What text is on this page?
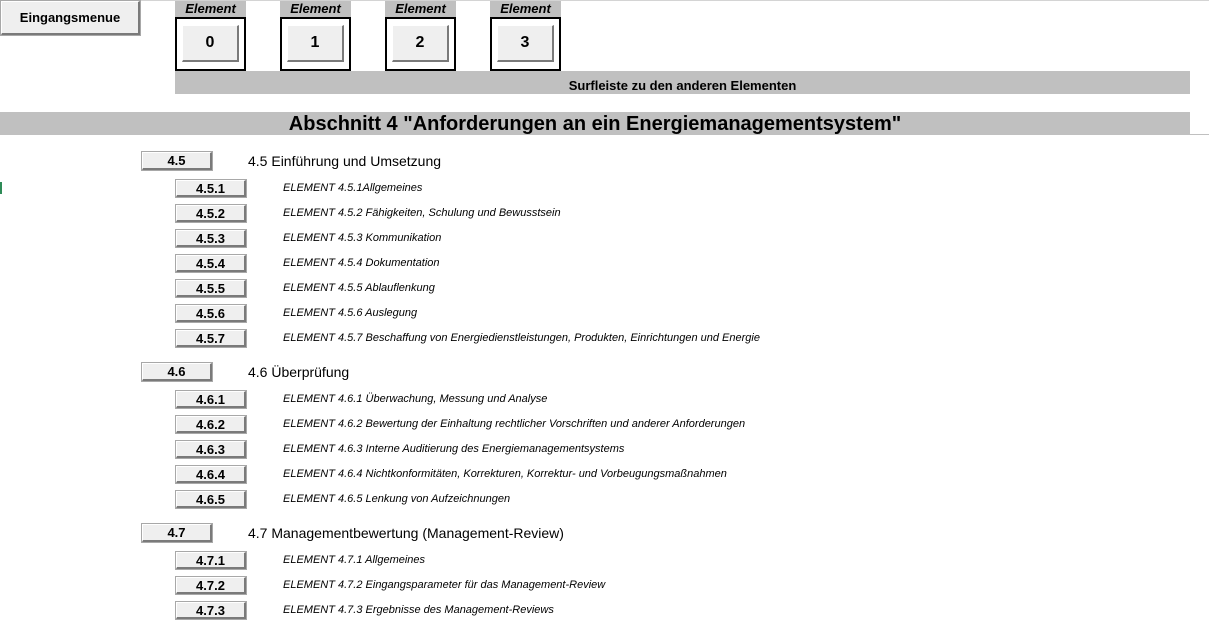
Eingangsmenue
Element
0
Element
1
Element
2
Element
3
Surfleiste zu den anderen Elementen
Abschnitt 4 "Anforderungen an ein Energiemanagementsystem"
4.5	4.5 Einführung und Umsetzung
4.5.1	ELEMENT 4.5.1Allgemeines
4.5.2	ELEMENT 4.5.2 Fähigkeiten, Schulung und Bewusstsein
4.5.3	ELEMENT 4.5.3 Kommunikation
4.5.4	ELEMENT 4.5.4 Dokumentation
4.5.5	ELEMENT 4.5.5 Ablauflenkung
4.5.6	ELEMENT 4.5.6 Auslegung
4.5.7	ELEMENT 4.5.7 Beschaffung von Energiedienstleistungen, Produkten, Einrichtungen und Energie
4.6	4.6 Überprüfung
4.6.1	ELEMENT 4.6.1 Überwachung, Messung und Analyse
4.6.2	ELEMENT 4.6.2 Bewertung der Einhaltung rechtlicher Vorschriften und anderer Anforderungen
4.6.3	ELEMENT 4.6.3 Interne Auditierung des Energiemanagementsystems
4.6.4	ELEMENT 4.6.4 Nichtkonformitäten, Korrekturen, Korrektur- und Vorbeugungsmaßnahmen
4.6.5	ELEMENT 4.6.5 Lenkung von Aufzeichnungen
4.7	4.7 Managementbewertung (Management-Review)
4.7.1	ELEMENT 4.7.1 Allgemeines
4.7.2	ELEMENT 4.7.2 Eingangsparameter für das Management-Review
4.7.3	ELEMENT 4.7.3 Ergebnisse des Management-Reviews
